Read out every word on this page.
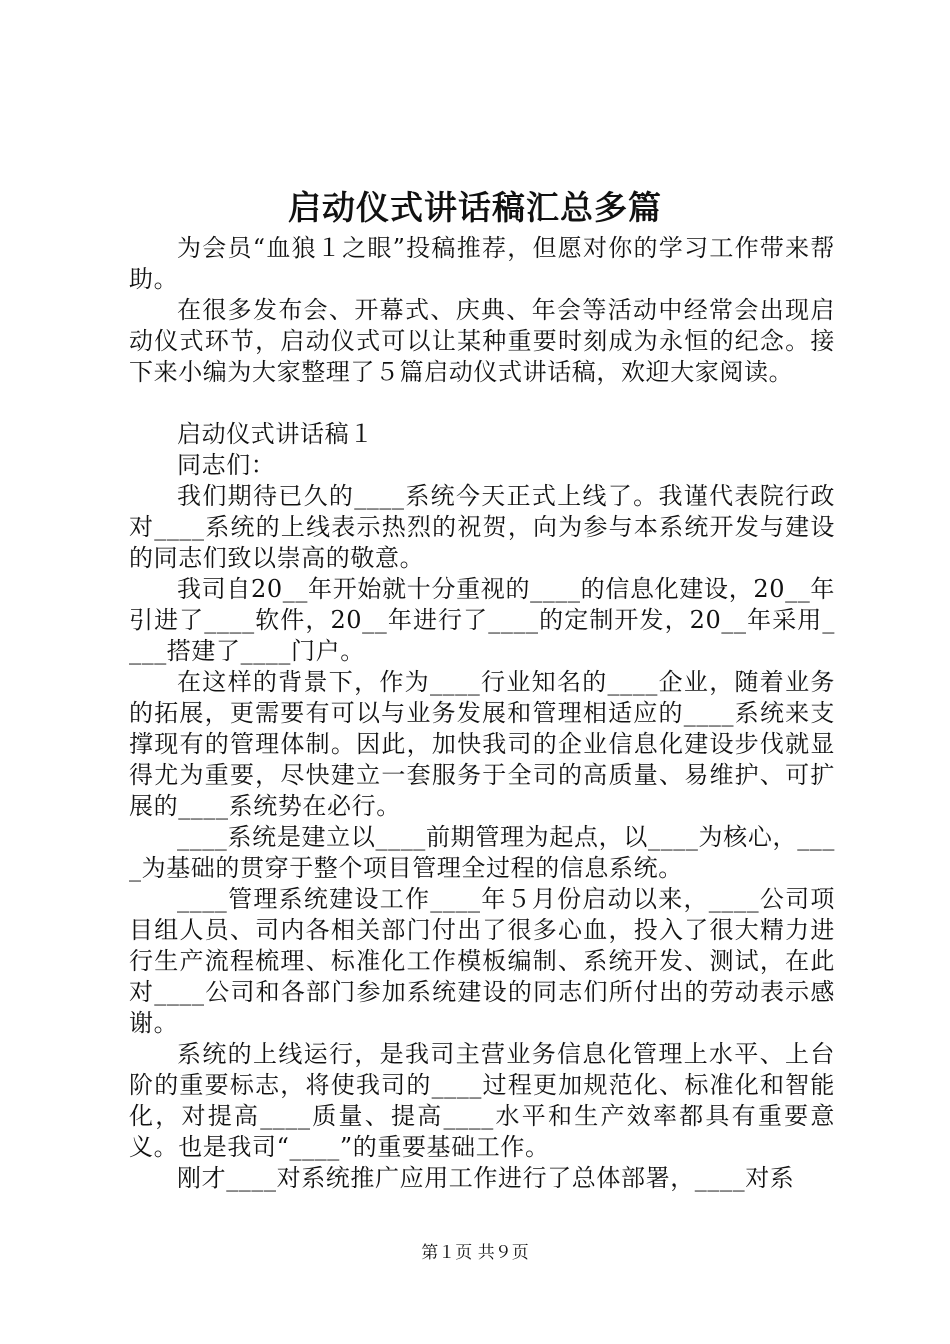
启动仪式讲话稿汇总多篇

为会员“血狼１之眼”投稿推荐，但愿对你的学习工作带来帮助。

在很多发布会、开幕式、庆典、年会等活动中经常会出现启动仪式环节，启动仪式可以让某种重要时刻成为永恒的纪念。接下来小编为大家整理了５篇启动仪式讲话稿，欢迎大家阅读。

启动仪式讲话稿１

同志们：

我们期待已久的____系统今天正式上线了。我谨代表院行政对____系统的上线表示热烈的祝贺，向为参与本系统开发与建设的同志们致以崇高的敬意。

我司自20__年开始就十分重视的____的信息化建设，20__年引进了____软件，20__年进行了____的定制开发，20__年采用____搭建了____门户。

在这样的背景下，作为____行业知名的____企业，随着业务的拓展，更需要有可以与业务发展和管理相适应的____系统来支撑现有的管理体制。因此，加快我司的企业信息化建设步伐就显得尤为重要，尽快建立一套服务于全司的高质量、易维护、可扩展的____系统势在必行。

____系统是建立以____前期管理为起点，以____为核心，____为基础的贯穿于整个项目管理全过程的信息系统。

____管理系统建设工作____年５月份启动以来，____公司项目组人员、司内各相关部门付出了很多心血，投入了很大精力进行生产流程梳理、标准化工作模板编制、系统开发、测试，在此对____公司和各部门参加系统建设的同志们所付出的劳动表示感谢。

系统的上线运行，是我司主营业务信息化管理上水平、上台阶的重要标志，将使我司的____过程更加规范化、标准化和智能化，对提高____质量、提高____水平和生产效率都具有重要意义。也是我司“____”的重要基础工作。

刚才____对系统推广应用工作进行了总体部署，____对系

第１页 共９页
